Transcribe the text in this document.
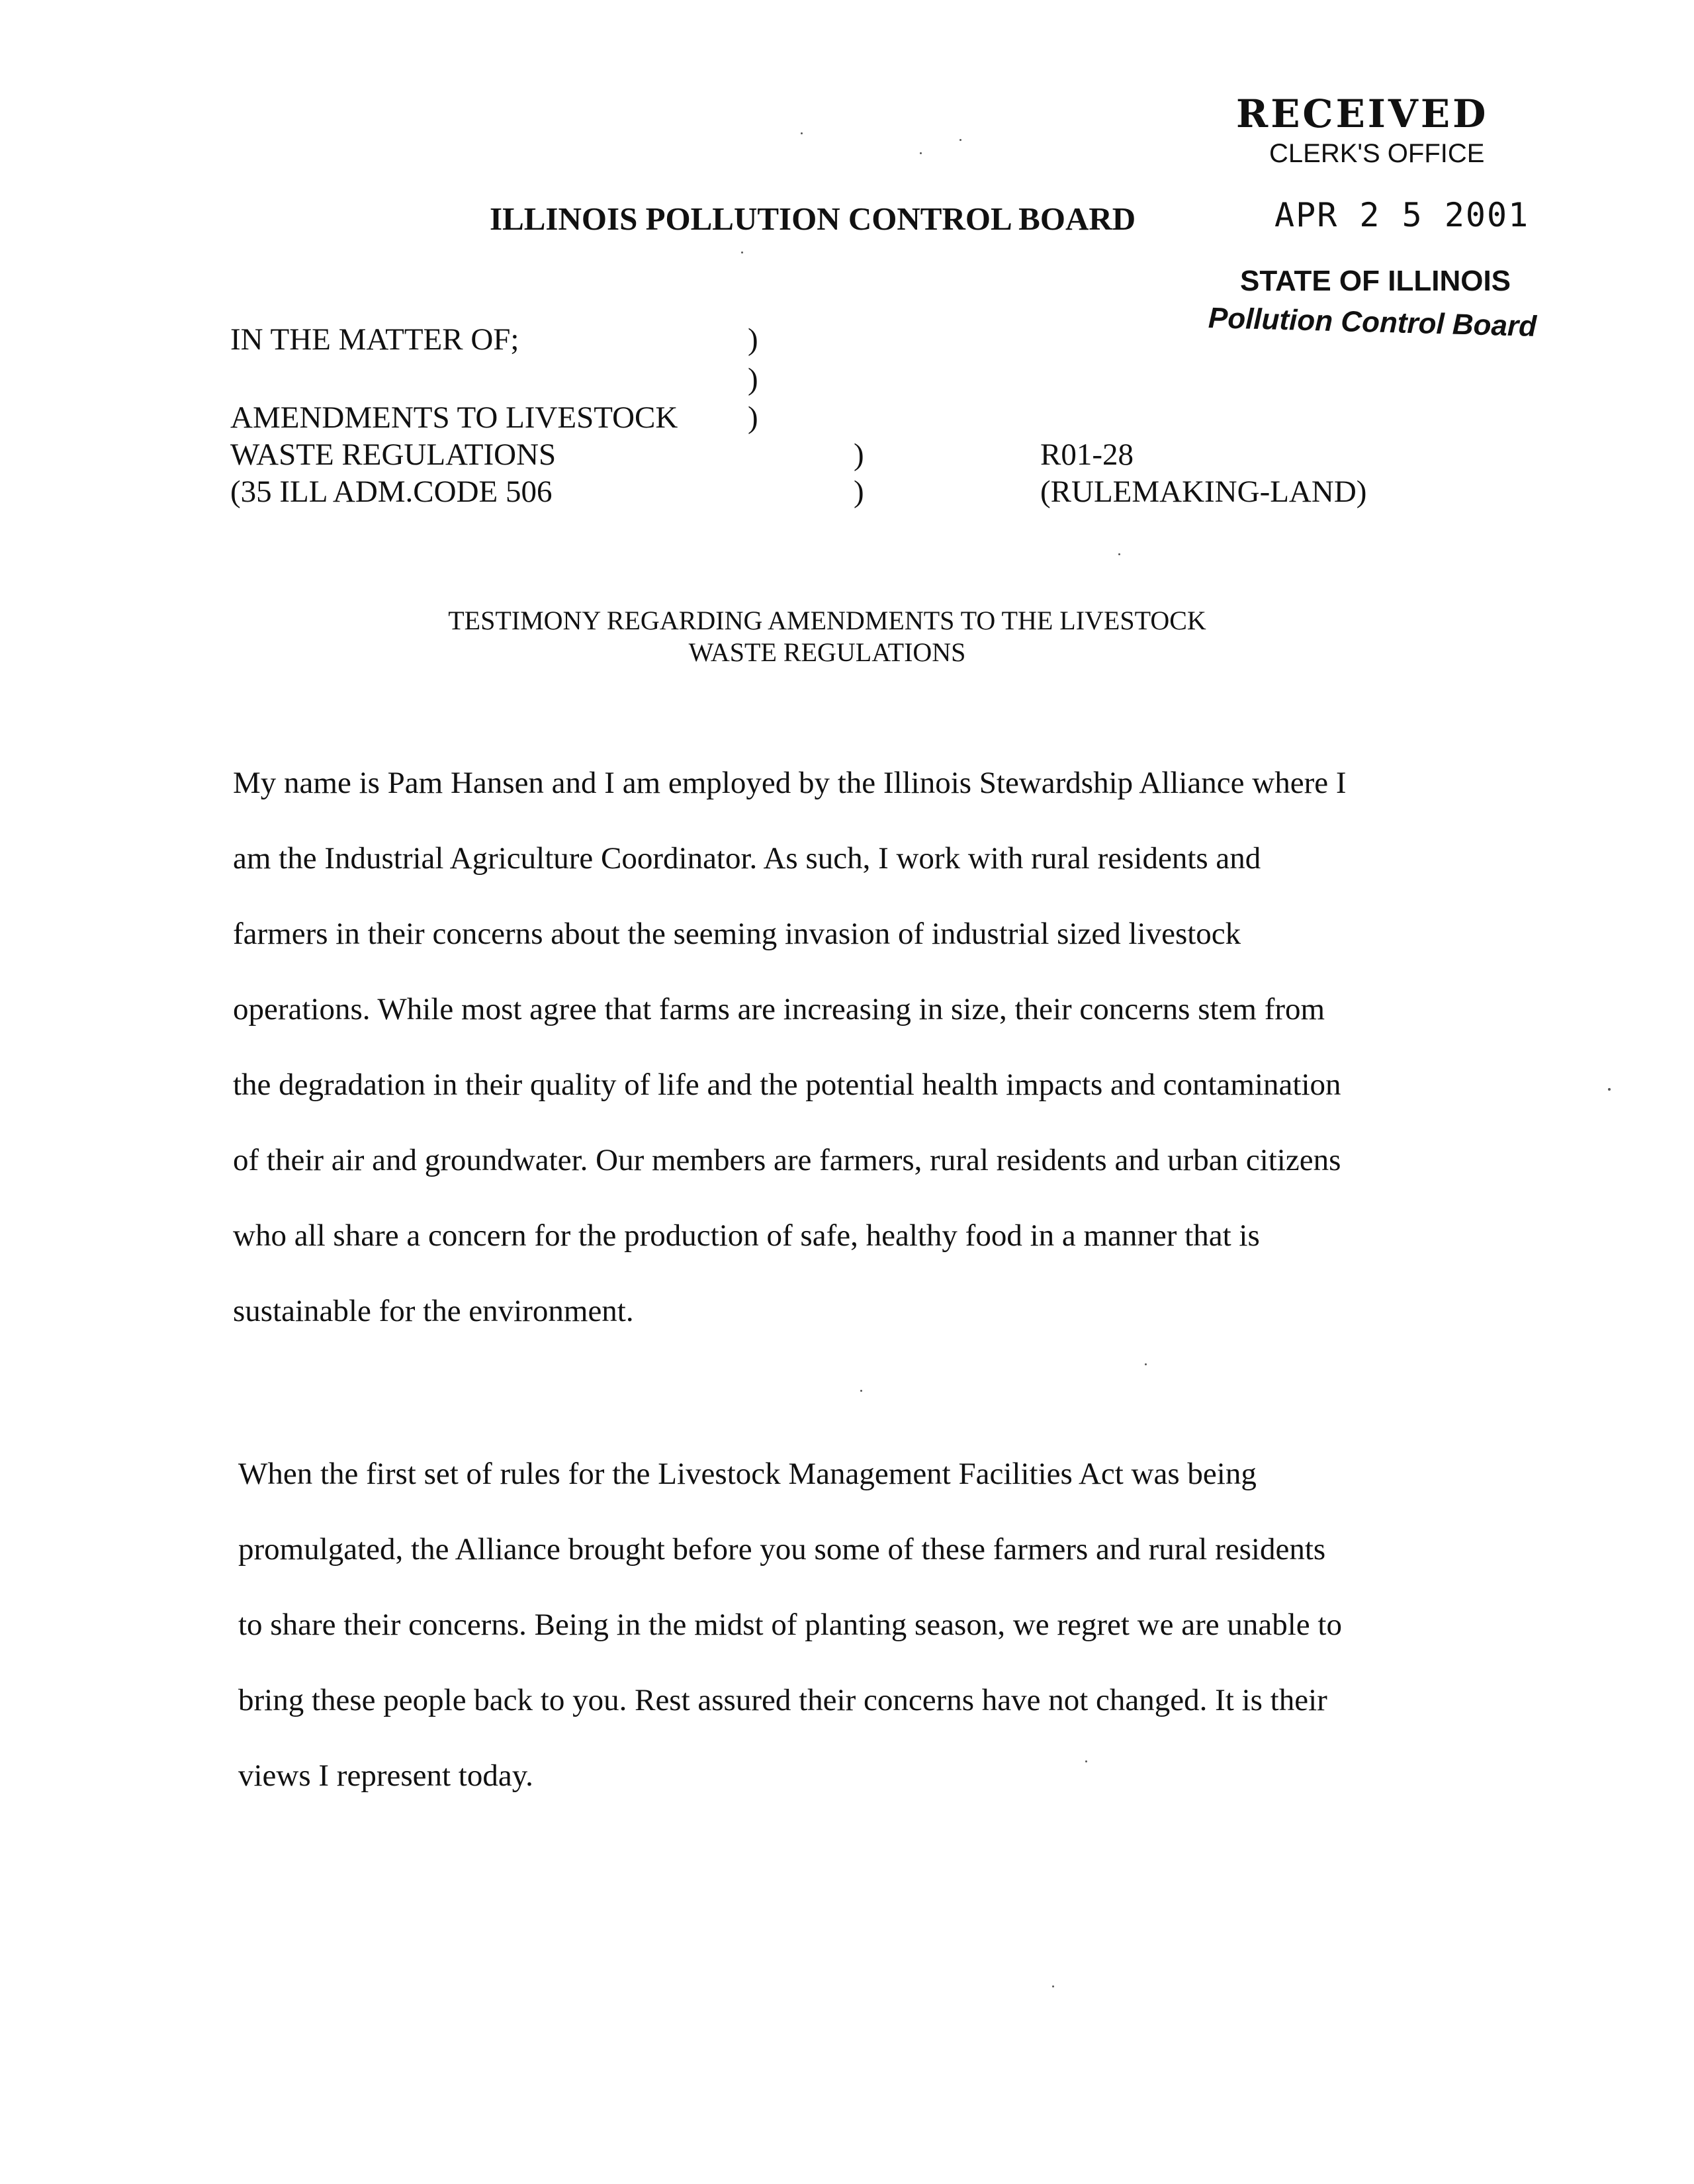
RECEIVED
CLERK'S OFFICE
APR 2 5 2001
STATE OF ILLINOIS
Pollution Control Board
ILLINOIS POLLUTION CONTROL BOARD
IN THE MATTER OF;	)
)
AMENDMENTS TO LIVESTOCK )
WASTE REGULATIONS	)	R01-28
(35 ILL ADM.CODE 506	)	(RULEMAKING-LAND)
TESTIMONY REGARDING AMENDMENTS TO THE LIVESTOCK
WASTE REGULATIONS
My name is Pam Hansen and I am employed by the Illinois Stewardship Alliance where I
am the Industrial Agriculture Coordinator. As such, I work with rural residents and
farmers in their concerns about the seeming invasion of industrial sized livestock
operations. While most agree that farms are increasing in size, their concerns stem from
the degradation in their quality of life and the potential health impacts and contamination
of their air and groundwater. Our members are farmers, rural residents and urban citizens
who all share a concern for the production of safe, healthy food in a manner that is
sustainable for the environment.
When the first set of rules for the Livestock Management Facilities Act was being
promulgated, the Alliance brought before you some of these farmers and rural residents
to share their concerns. Being in the midst of planting season, we regret we are unable to
bring these people back to you. Rest assured their concerns have not changed. It is their
views I represent today.
